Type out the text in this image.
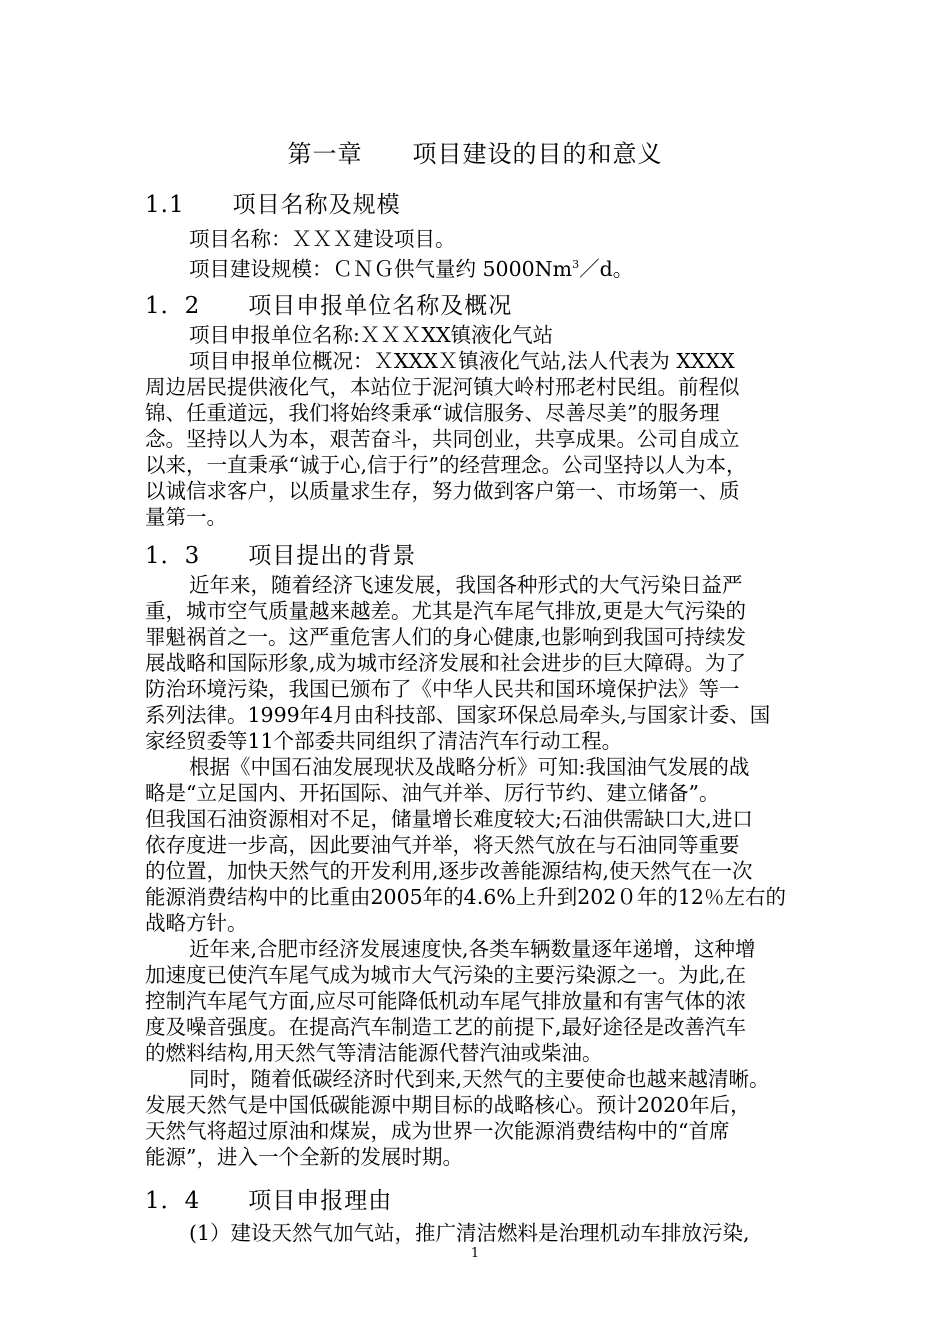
第一章　　项目建设的目的和意义
1.1　　项目名称及规模
项目名称：ＸＸＸ建设项目。
项目建设规模：ＣＮＧ供气量约 5000Nm$^3$／d。
1．2　　项目申报单位名称及概况
项目申报单位名称:ＸＸＸXX镇液化气站
项目申报单位概况：ＸXXXＸ镇液化气站,法人代表为 XXXX
周边居民提供液化气，本站位于泥河镇大岭村邢老村民组。前程似
锦、任重道远，我们将始终秉承“诚信服务、尽善尽美”的服务理
念。坚持以人为本，艰苦奋斗，共同创业，共享成果。公司自成立
以来，一直秉承“诚于心,信于行”的经营理念。公司坚持以人为本，
以诚信求客户，以质量求生存，努力做到客户第一、市场第一、质
量第一。
1．3　　项目提出的背景
近年来，随着经济飞速发展，我国各种形式的大气污染日益严
重，城市空气质量越来越差。尤其是汽车尾气排放,更是大气污染的
罪魁祸首之一。这严重危害人们的身心健康,也影响到我国可持续发
展战略和国际形象,成为城市经济发展和社会进步的巨大障碍。为了
防治环境污染，我国已颁布了《中华人民共和国环境保护法》等一
系列法律。1999年4月由科技部、国家环保总局牵头,与国家计委、国
家经贸委等11个部委共同组织了清洁汽车行动工程。
根据《中国石油发展现状及战略分析》可知:我国油气发展的战
略是“立足国内、开拓国际、油气并举、厉行节约、建立储备”。
但我国石油资源相对不足，储量增长难度较大;石油供需缺口大,进口
依存度进一步高，因此要油气并举，将天然气放在与石油同等重要
的位置，加快天然气的开发利用,逐步改善能源结构,使天然气在一次
能源消费结构中的比重由2005年的4.6%上升到202０年的12％左右的
战略方针。
近年来,合肥市经济发展速度快,各类车辆数量逐年递增，这种增
加速度已使汽车尾气成为城市大气污染的主要污染源之一。为此,在
控制汽车尾气方面,应尽可能降低机动车尾气排放量和有害气体的浓
度及噪音强度。在提高汽车制造工艺的前提下,最好途径是改善汽车
的燃料结构,用天然气等清洁能源代替汽油或柴油。
同时，随着低碳经济时代到来,天然气的主要使命也越来越清晰。
发展天然气是中国低碳能源中期目标的战略核心。预计2020年后，
天然气将超过原油和煤炭，成为世界一次能源消费结构中的“首席
能源”，进入一个全新的发展时期。
1．4　　项目申报理由
(1）建设天然气加气站，推广清洁燃料是治理机动车排放污染,
1
